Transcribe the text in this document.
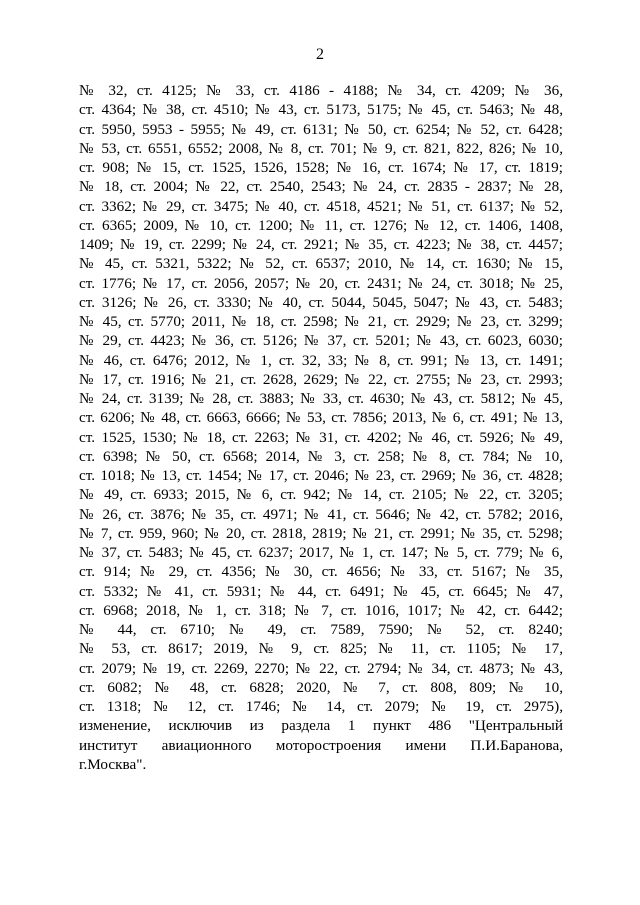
2
№ 32, ст. 4125; № 33, ст. 4186 - 4188; № 34, ст. 4209; № 36,
ст. 4364; № 38, ст. 4510; № 43, ст. 5173, 5175; № 45, ст. 5463; № 48,
ст. 5950, 5953 - 5955; № 49, ст. 6131; № 50, ст. 6254; № 52, ст. 6428;
№ 53, ст. 6551, 6552; 2008, № 8, ст. 701; № 9, ст. 821, 822, 826; № 10,
ст. 908; № 15, ст. 1525, 1526, 1528; № 16, ст. 1674; № 17, ст. 1819;
№ 18, ст. 2004; № 22, ст. 2540, 2543; № 24, ст. 2835 - 2837; № 28,
ст. 3362; № 29, ст. 3475; № 40, ст. 4518, 4521; № 51, ст. 6137; № 52,
ст. 6365; 2009, № 10, ст. 1200; № 11, ст. 1276; № 12, ст. 1406, 1408,
1409; № 19, ст. 2299; № 24, ст. 2921; № 35, ст. 4223; № 38, ст. 4457;
№ 45, ст. 5321, 5322; № 52, ст. 6537; 2010, № 14, ст. 1630; № 15,
ст. 1776; № 17, ст. 2056, 2057; № 20, ст. 2431; № 24, ст. 3018; № 25,
ст. 3126; № 26, ст. 3330; № 40, ст. 5044, 5045, 5047; № 43, ст. 5483;
№ 45, ст. 5770; 2011, № 18, ст. 2598; № 21, ст. 2929; № 23, ст. 3299;
№ 29, ст. 4423; № 36, ст. 5126; № 37, ст. 5201; № 43, ст. 6023, 6030;
№ 46, ст. 6476; 2012, № 1, ст. 32, 33; № 8, ст. 991; № 13, ст. 1491;
№ 17, ст. 1916; № 21, ст. 2628, 2629; № 22, ст. 2755; № 23, ст. 2993;
№ 24, ст. 3139; № 28, ст. 3883; № 33, ст. 4630; № 43, ст. 5812; № 45,
ст. 6206; № 48, ст. 6663, 6666; № 53, ст. 7856; 2013, № 6, ст. 491; № 13,
ст. 1525, 1530; № 18, ст. 2263; № 31, ст. 4202; № 46, ст. 5926; № 49,
ст. 6398; № 50, ст. 6568; 2014, № 3, ст. 258; № 8, ст. 784; № 10,
ст. 1018; № 13, ст. 1454; № 17, ст. 2046; № 23, ст. 2969; № 36, ст. 4828;
№ 49, ст. 6933; 2015, № 6, ст. 942; № 14, ст. 2105; № 22, ст. 3205;
№ 26, ст. 3876; № 35, ст. 4971; № 41, ст. 5646; № 42, ст. 5782; 2016,
№ 7, ст. 959, 960; № 20, ст. 2818, 2819; № 21, ст. 2991; № 35, ст. 5298;
№ 37, ст. 5483; № 45, ст. 6237; 2017, № 1, ст. 147; № 5, ст. 779; № 6,
ст. 914; № 29, ст. 4356; № 30, ст. 4656; № 33, ст. 5167; № 35,
ст. 5332; № 41, ст. 5931; № 44, ст. 6491; № 45, ст. 6645; № 47,
ст. 6968; 2018, № 1, ст. 318; № 7, ст. 1016, 1017; № 42, ст. 6442;
№ 44, ст. 6710; № 49, ст. 7589, 7590; № 52, ст. 8240;
№ 53, ст. 8617; 2019, № 9, ст. 825; № 11, ст. 1105; № 17,
ст. 2079; № 19, ст. 2269, 2270; № 22, ст. 2794; № 34, ст. 4873; № 43,
ст. 6082; № 48, ст. 6828; 2020, № 7, ст. 808, 809; № 10,
ст. 1318; № 12, ст. 1746; № 14, ст. 2079; № 19, ст. 2975),
изменение, исключив из раздела 1 пункт 486 "Центральный
институт авиационного моторостроения имени П.И.Баранова,
г.Москва".
